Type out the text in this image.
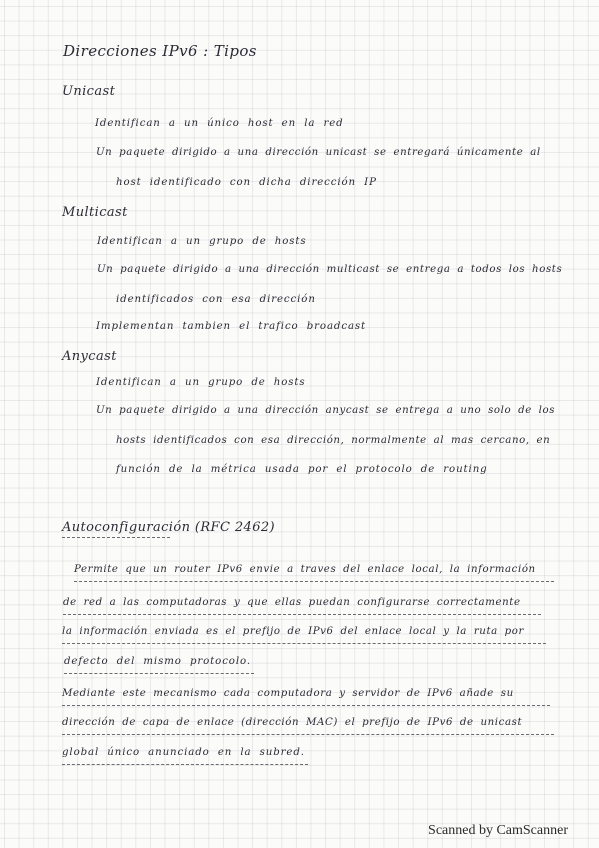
Direcciones IPv6 : Tipos
Unicast
Identifican a un único host en la red
Un paquete dirigido a una dirección unicast se entregará únicamente al
host identificado con dicha dirección IP
Multicast
Identifican a un grupo de hosts
Un paquete dirigido a una dirección multicast se entrega a todos los hosts
identificados con esa dirección
Implementan tambien el trafico broadcast
Anycast
Identifican a un grupo de hosts
Un paquete dirigido a una dirección anycast se entrega a uno solo de los
hosts identificados con esa dirección, normalmente al mas cercano, en
función de la métrica usada por el protocolo de routing
Autoconfiguración (RFC 2462)
Permite que un router IPv6 envie a traves del enlace local, la información
de red a las computadoras y que ellas puedan configurarse correctamente
la información enviada es el prefijo de IPv6 del enlace local y la ruta por
defecto del mismo protocolo.
Mediante este mecanismo cada computadora y servidor de IPv6 añade su
dirección de capa de enlace (dirección MAC) el prefijo de IPv6 de unicast
global único anunciado en la subred.
Scanned by CamScanner
